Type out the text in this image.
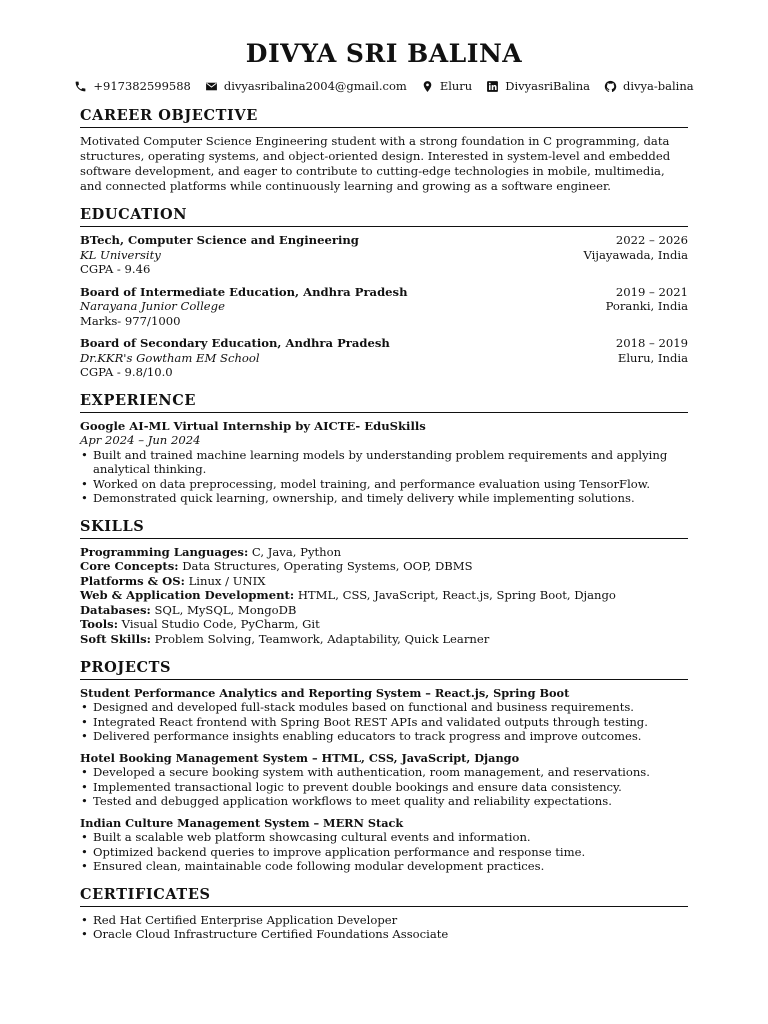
DIVYA SRI BALINA
+917382599588	divyasribalina2004@gmail.com	Eluru	DivyasriBalina	divya-balina
CAREER OBJECTIVE
Motivated Computer Science Engineering student with a strong foundation in C programming, data structures, operating systems, and object-oriented design. Interested in system-level and embedded software development, and eager to contribute to cutting-edge technologies in mobile, multimedia, and connected platforms while continuously learning and growing as a software engineer.
EDUCATION
BTech, Computer Science and Engineering	2022 – 2026
KL University	Vijayawada, India
CGPA - 9.46
Board of Intermediate Education, Andhra Pradesh	2019 – 2021
Narayana Junior College	Poranki, India
Marks- 977/1000
Board of Secondary Education, Andhra Pradesh	2018 – 2019
Dr.KKR's Gowtham EM School	Eluru, India
CGPA - 9.8/10.0
EXPERIENCE
Google AI-ML Virtual Internship by AICTE- EduSkills
Apr 2024 – Jun 2024
• Built and trained machine learning models by understanding problem requirements and applying analytical thinking.
• Worked on data preprocessing, model training, and performance evaluation using TensorFlow.
• Demonstrated quick learning, ownership, and timely delivery while implementing solutions.
SKILLS
Programming Languages: C, Java, Python
Core Concepts: Data Structures, Operating Systems, OOP, DBMS
Platforms & OS: Linux / UNIX
Web & Application Development: HTML, CSS, JavaScript, React.js, Spring Boot, Django
Databases: SQL, MySQL, MongoDB
Tools: Visual Studio Code, PyCharm, Git
Soft Skills: Problem Solving, Teamwork, Adaptability, Quick Learner
PROJECTS
Student Performance Analytics and Reporting System – React.js, Spring Boot
• Designed and developed full-stack modules based on functional and business requirements.
• Integrated React frontend with Spring Boot REST APIs and validated outputs through testing.
• Delivered performance insights enabling educators to track progress and improve outcomes.
Hotel Booking Management System – HTML, CSS, JavaScript, Django
• Developed a secure booking system with authentication, room management, and reservations.
• Implemented transactional logic to prevent double bookings and ensure data consistency.
• Tested and debugged application workflows to meet quality and reliability expectations.
Indian Culture Management System – MERN Stack
• Built a scalable web platform showcasing cultural events and information.
• Optimized backend queries to improve application performance and response time.
• Ensured clean, maintainable code following modular development practices.
CERTIFICATES
• Red Hat Certified Enterprise Application Developer
• Oracle Cloud Infrastructure Certified Foundations Associate
